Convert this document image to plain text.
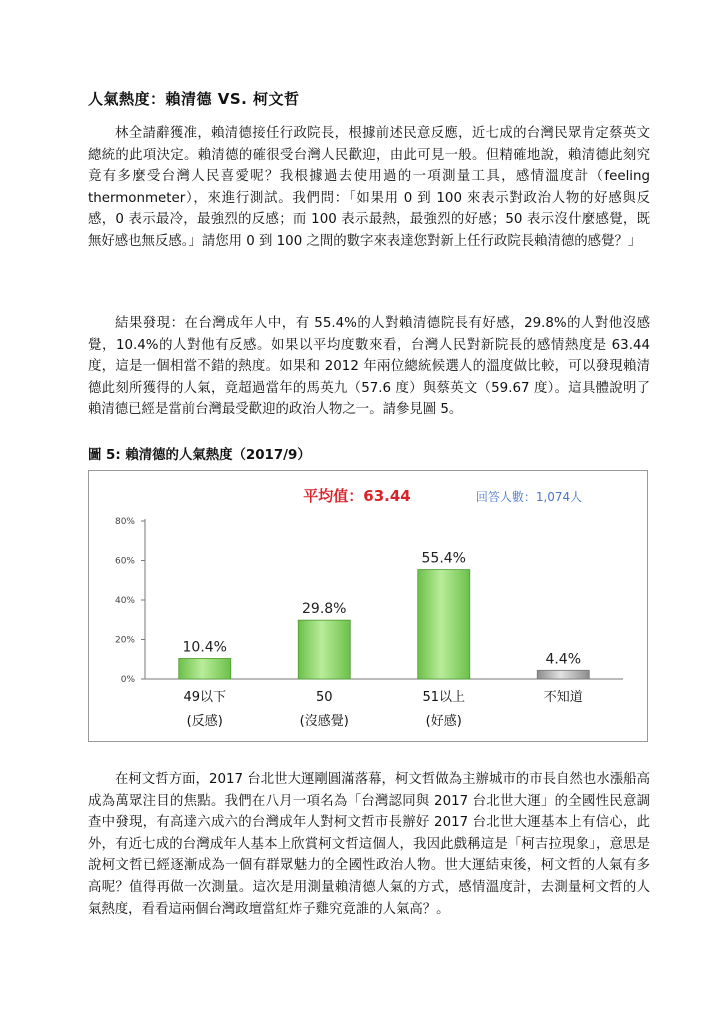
人氣熱度：賴清德 VS. 柯文哲

林全請辭獲准，賴清德接任行政院長，根據前述民意反應，近七成的台灣民眾肯定蔡英文總統的此項決定。賴清德的確很受台灣人民歡迎，由此可見一般。但精確地說，賴清德此刻究竟有多麼受台灣人民喜愛呢？我根據過去使用過的一項測量工具，感情溫度計（feeling thermonmeter），來進行測試。我們問：「如果用 0 到 100 來表示對政治人物的好感與反感，0 表示最冷，最強烈的反感；而 100 表示最熱，最強烈的好感；50 表示沒什麼感覺，既無好感也無反感。」請您用 0 到 100 之間的數字來表達您對新上任行政院長賴清德的感覺？」

結果發現：在台灣成年人中，有 55.4%的人對賴清德院長有好感，29.8%的人對他沒感覺，10.4%的人對他有反感。如果以平均度數來看，台灣人民對新院長的感情熱度是 63.44 度，這是一個相當不錯的熱度。如果和 2012 年兩位總統候選人的溫度做比較，可以發現賴清德此刻所獲得的人氣，竟超過當年的馬英九（57.6 度）與蔡英文（59.67 度）。這具體說明了賴清德已經是當前台灣最受歡迎的政治人物之一。請參見圖 5。

圖 5: 賴清德的人氣熱度（2017/9）
平均值：63.44	回答人數：1,074人
0%
20%
40%
60%
80%
10.4%
49以下
(反感)
29.8%
50
(沒感覺)
55.4%
51以上
(好感)
4.4%
不知道

在柯文哲方面，2017 台北世大運剛圓滿落幕，柯文哲做為主辦城市的市長自然也水漲船高成為萬眾注目的焦點。我們在八月一項名為「台灣認同與 2017 台北世大運」的全國性民意調查中發現，有高達六成六的台灣成年人對柯文哲市長辦好 2017 台北世大運基本上有信心，此外，有近七成的台灣成年人基本上欣賞柯文哲這個人，我因此戲稱這是「柯吉拉現象」，意思是說柯文哲已經逐漸成為一個有群眾魅力的全國性政治人物。世大運結束後，柯文哲的人氣有多高呢？值得再做一次測量。這次是用測量賴清德人氣的方式，感情溫度計，去測量柯文哲的人氣熱度，看看這兩個台灣政壇當紅炸子雞究竟誰的人氣高？。
